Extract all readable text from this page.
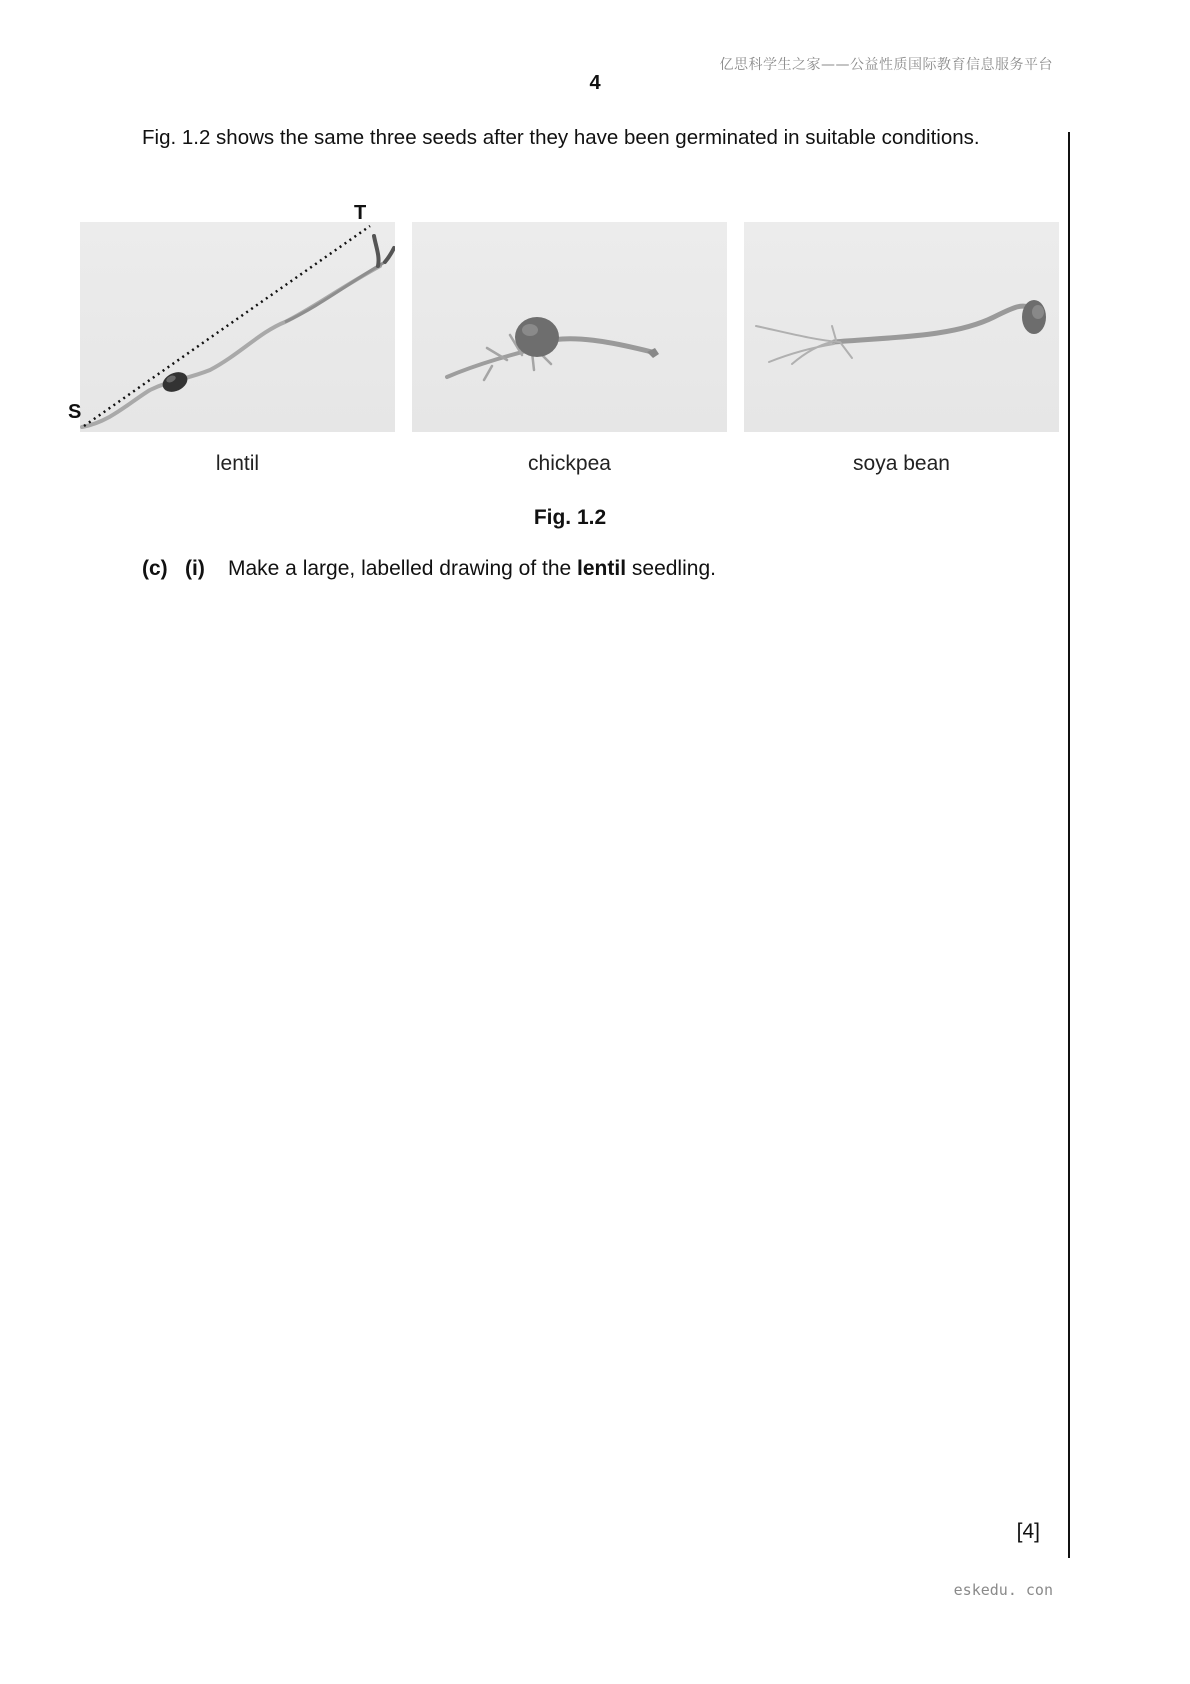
亿思科学生之家——公益性质国际教育信息服务平台
4
Fig. 1.2 shows the same three seeds after they have been germinated in suitable conditions.
S
T
lentil	chickpea	soya bean
Fig. 1.2
(c) (i) Make a large, labelled drawing of the lentil seedling.
[4]
eskedu. con
